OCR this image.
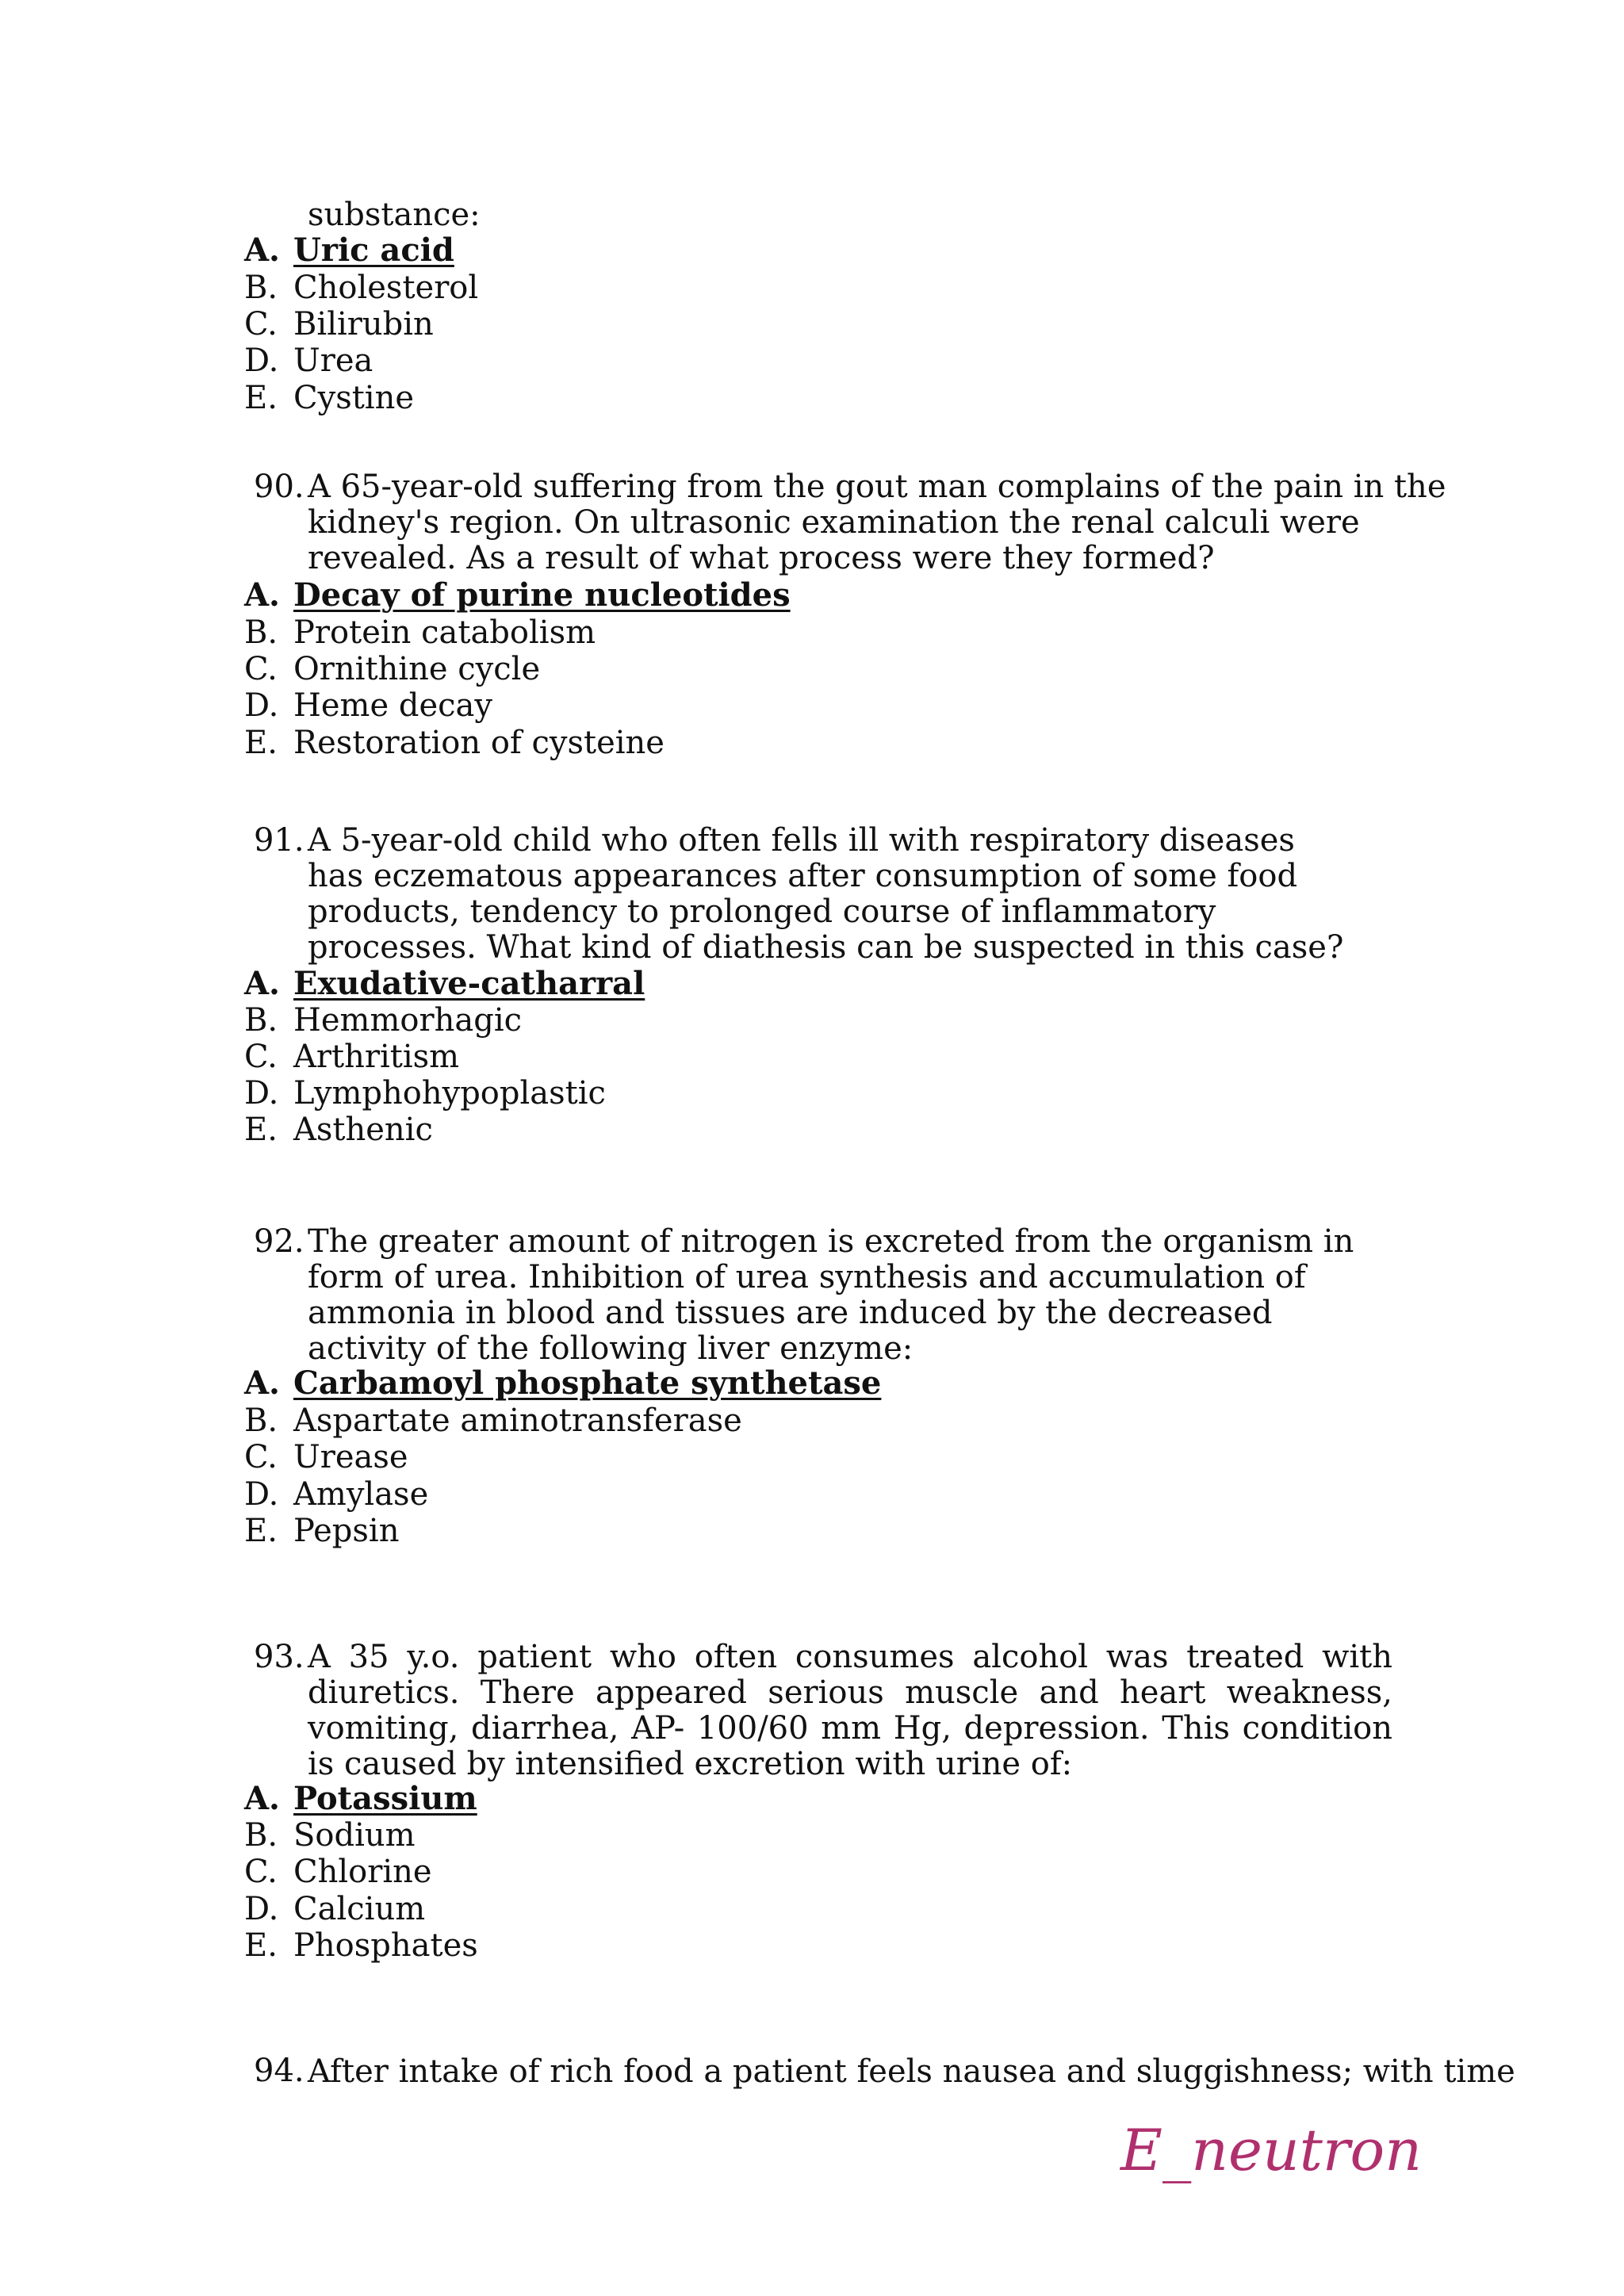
substance:
A. Uric acid
B. Cholesterol
C. Bilirubin
D. Urea
E. Cystine
90. A 65-year-old suffering from the gout man complains of the pain in the kidney's region. On ultrasonic examination the renal calculi were revealed. As a result of what process were they formed?
A. Decay of purine nucleotides
B. Protein catabolism
C. Ornithine cycle
D. Heme decay
E. Restoration of cysteine
91. A 5-year-old child who often fells ill with respiratory diseases has eczematous appearances after consumption of some food products, tendency to prolonged course of inflammatory processes. What kind of diathesis can be suspected in this case?
A. Exudative-catharral
B. Hemmorhagic
C. Arthritism
D. Lymphohypoplastic
E. Asthenic
92. The greater amount of nitrogen is excreted from the organism in form of urea. Inhibition of urea synthesis and accumulation of ammonia in blood and tissues are induced by the decreased activity of the following liver enzyme:
A. Carbamoyl phosphate synthetase
B. Aspartate aminotransferase
C. Urease
D. Amylase
E. Pepsin
93. A 35 y.o. patient who often consumes alcohol was treated with diuretics. There appeared serious muscle and heart weakness, vomiting, diarrhea, AP- 100/60 mm Hg, depression. This condition is caused by intensified excretion with urine of:
A. Potassium
B. Sodium
C. Chlorine
D. Calcium
E. Phosphates
94. After intake of rich food a patient feels nausea and sluggishness; with time
E_neutron
